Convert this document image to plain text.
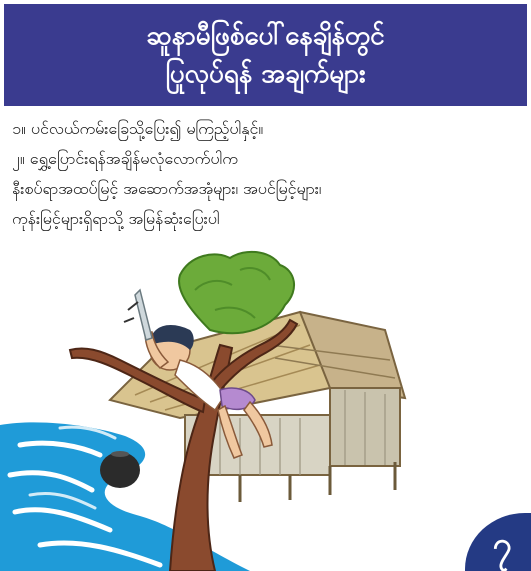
ဆူနာမီဖြစ်ပေါ်နေချိန်တွင်
ပြုလုပ်ရန် အချက်များ

၁။ ပင်လယ်ကမ်းခြေသို့ပြေး၍ မကြည့်ပါနှင့်။

၂။ ရွှေ့ပြောင်းရန်အချိန်မလုံလောက်ပါက

နီးစပ်ရာအထပ်မြင့် အဆောက်အအုံများ၊ အပင်မြင့်များ၊

ကုန်းမြင့်များရှိရာသို့ အမြန်ဆုံးပြေးပါ

၇
